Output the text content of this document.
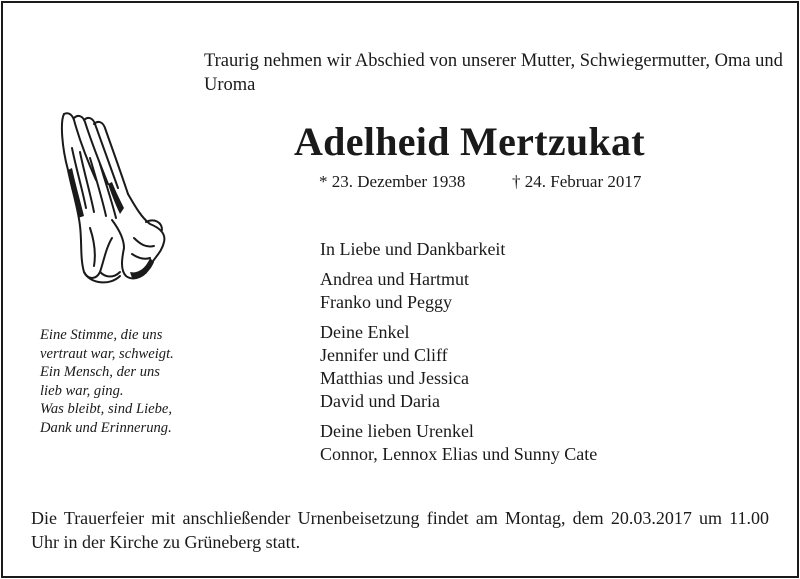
Traurig nehmen wir Abschied von unserer Mutter, Schwiegermutter, Oma und Uroma
Adelheid Mertzukat
* 23. Dezember 1938	† 24. Februar 2017
Eine Stimme, die uns
vertraut war, schweigt.
Ein Mensch, der uns
lieb war, ging.
Was bleibt, sind Liebe,
Dank und Erinnerung.
In Liebe und Dankbarkeit
Andrea und Hartmut
Franko und Peggy
Deine Enkel
Jennifer und Cliff
Matthias und Jessica
David und Daria
Deine lieben Urenkel
Connor, Lennox Elias und Sunny Cate
Die Trauerfeier mit anschließender Urnenbeisetzung findet am Montag, dem 20.03.2017 um 11.00 Uhr in der Kirche zu Grüneberg statt.
